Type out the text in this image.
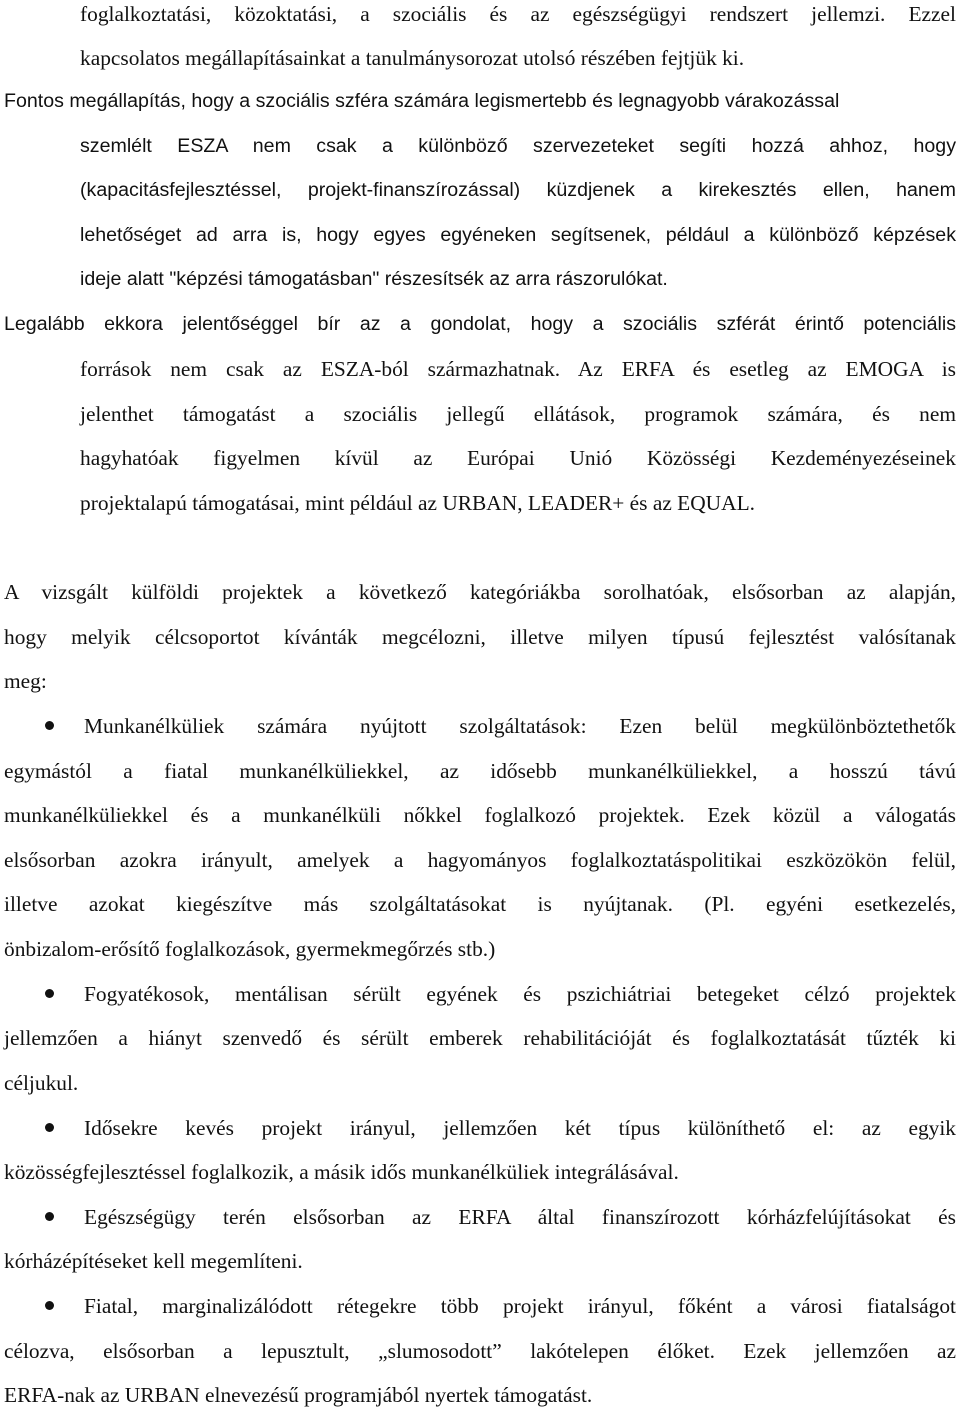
foglalkoztatási, közoktatási, a szociális és az egészségügyi rendszert jellemzi. Ezzel
kapcsolatos megállapításainkat a tanulmánysorozat utolsó részében fejtjük ki.
Fontos megállapítás, hogy a szociális szféra számára legismertebb és legnagyobb várakozással
szemlélt ESZA nem csak a különböző szervezeteket segíti hozzá ahhoz, hogy
(kapacitásfejlesztéssel, projekt-finanszírozással) küzdjenek a kirekesztés ellen, hanem
lehetőséget ad arra is, hogy egyes egyéneken segítsenek, például a különböző képzések
ideje alatt "képzési támogatásban" részesítsék az arra rászorulókat.
Legalább ekkora jelentőséggel bír az a gondolat, hogy a szociális szférát érintő potenciális
források nem csak az ESZA-ból származhatnak. Az ERFA és esetleg az EMOGA is
jelenthet támogatást a szociális jellegű ellátások, programok számára, és nem
hagyhatóak figyelmen kívül az Európai Unió Közösségi Kezdeményezéseinek
projektalapú támogatásai, mint például az URBAN, LEADER+ és az EQUAL.
A vizsgált külföldi projektek a következő kategóriákba sorolhatóak, elsősorban az alapján,
hogy melyik célcsoportot kívánták megcélozni, illetve milyen típusú fejlesztést valósítanak
meg:
Munkanélküliek számára nyújtott szolgáltatások: Ezen belül megkülönböztethetők
egymástól a fiatal munkanélküliekkel, az idősebb munkanélküliekkel, a hosszú távú
munkanélküliekkel és a munkanélküli nőkkel foglalkozó projektek. Ezek közül a válogatás
elsősorban azokra irányult, amelyek a hagyományos foglalkoztatáspolitikai eszközökön felül,
illetve azokat kiegészítve más szolgáltatásokat is nyújtanak. (Pl. egyéni esetkezelés,
önbizalom-erősítő foglalkozások, gyermekmegőrzés stb.)
Fogyatékosok, mentálisan sérült egyének és pszichiátriai betegeket célzó projektek
jellemzően a hiányt szenvedő és sérült emberek rehabilitációját és foglalkoztatását tűzték ki
céljukul.
Idősekre kevés projekt irányul, jellemzően két típus különíthető el: az egyik
közösségfejlesztéssel foglalkozik, a másik idős munkanélküliek integrálásával.
Egészségügy terén elsősorban az ERFA által finanszírozott kórházfelújításokat és
kórházépítéseket kell megemlíteni.
Fiatal, marginalizálódott rétegekre több projekt irányul, főként a városi fiatalságot
célozva, elsősorban a lepusztult, „slumosodott” lakótelepen élőket. Ezek jellemzően az
ERFA-nak az URBAN elnevezésű programjából nyertek támogatást.
